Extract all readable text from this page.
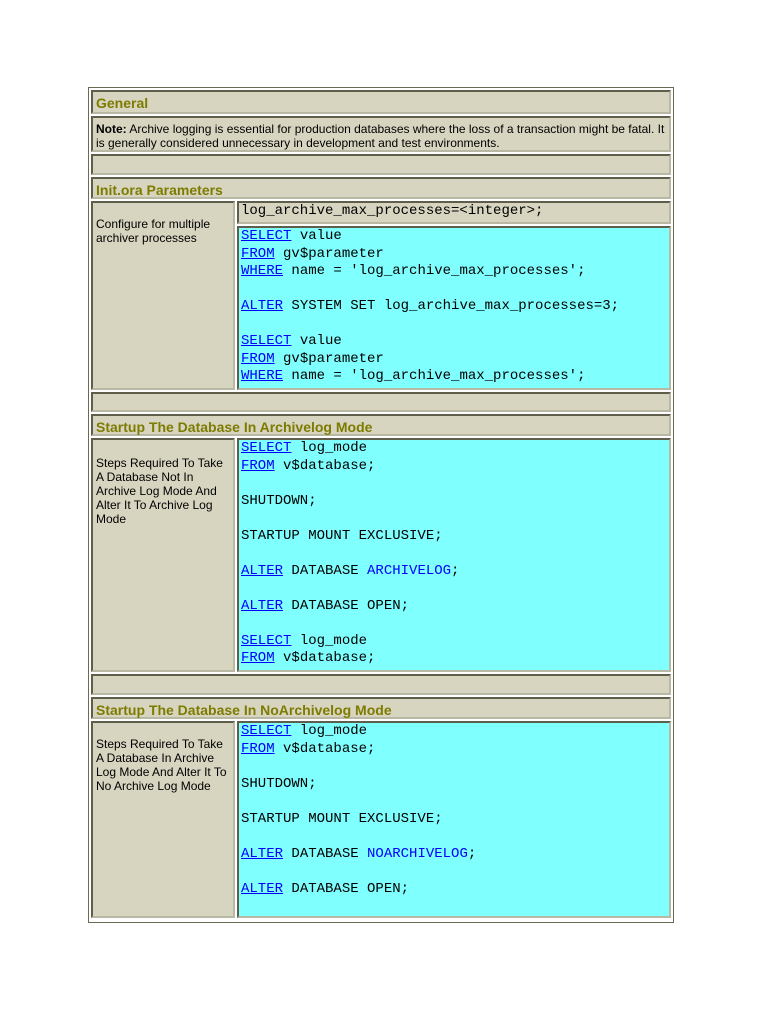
General
Note: Archive logging is essential for production databases where the loss of a transaction might be fatal. It is generally considered unnecessary in development and test environments.
Init.ora Parameters
Configure for multiple archiver processes
log_archive_max_processes=<integer>;
SELECT value
FROM gv$parameter
WHERE name = 'log_archive_max_processes';
ALTER SYSTEM SET log_archive_max_processes=3;
SELECT value
FROM gv$parameter
WHERE name = 'log_archive_max_processes';
Startup The Database In Archivelog Mode
Steps Required To Take A Database Not In Archive Log Mode And Alter It To Archive Log Mode
SELECT log_mode
FROM v$database;
SHUTDOWN;
STARTUP MOUNT EXCLUSIVE;
ALTER DATABASE ARCHIVELOG;
ALTER DATABASE OPEN;
SELECT log_mode
FROM v$database;
Startup The Database In NoArchivelog Mode
Steps Required To Take A Database In Archive Log Mode And Alter It To No Archive Log Mode
SELECT log_mode
FROM v$database;
SHUTDOWN;
STARTUP MOUNT EXCLUSIVE;
ALTER DATABASE NOARCHIVELOG;
ALTER DATABASE OPEN;
